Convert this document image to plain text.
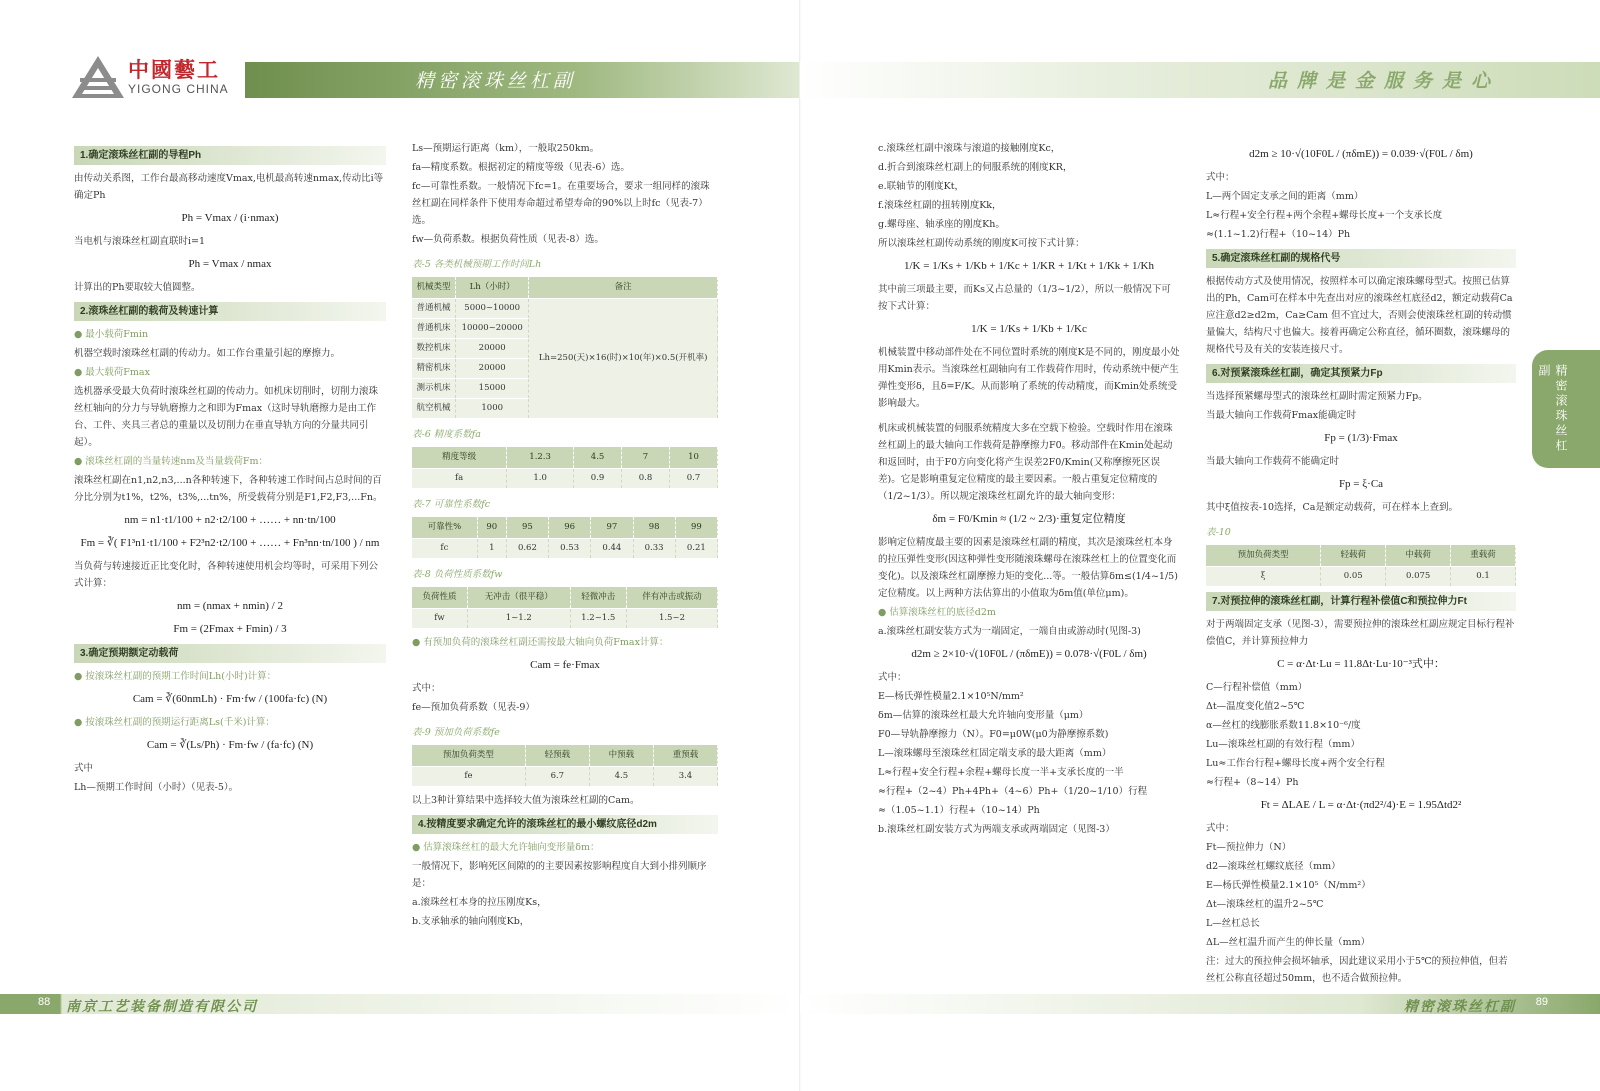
中國藝工
YIGONG CHINA	精密滚珠丝杠副
1.确定滚珠丝杠副的导程Ph

由传动关系图，工作台最高移动速度Vmax,电机最高转速nmax,传动比i等确定Ph

Ph = Vmax / (i·nmax)

当电机与滚珠丝杠副直联时i=1

Ph = Vmax / nmax

计算出的Ph要取较大值圆整。

2.滚珠丝杠副的载荷及转速计算

● 最小载荷Fmin

机器空载时滚珠丝杠副的传动力。如工作台重量引起的摩擦力。

● 最大载荷Fmax

选机器承受最大负荷时滚珠丝杠副的传动力。如机床切削时，切削力滚珠丝杠轴向的分力与导轨磨擦力之和即为Fmax（这时导轨磨擦力是由工作台、工件、夹具三者总的重量以及切削力在垂直导轨方向的分量共同引起）。

● 滚珠丝杠副的当量转速nm及当量载荷Fm：

滚珠丝杠副在n1,n2,n3,...n各种转速下，各种转速工作时间占总时间的百分比分别为t1%，t2%，t3%,...tn%，所受载荷分别是F1,F2,F3,...Fn。

nm = n1·t1/100 + n2·t2/100 + …… + nn·tn/100
Fm = ∛( F1³n1·t1/100 + F2³n2·t2/100 + …… + Fn³nn·tn/100 ) / nm

当负荷与转速接近正比变化时，各种转速使用机会均等时，可采用下列公式计算：

nm = (nmax + nmin) / 2
Fm = (2Fmax + Fmin) / 3
3.确定预期额定动载荷

● 按滚珠丝杠副的预期工作时间Lh(小时)计算：

Cam = ∛(60nmLh) · Fm·fw / (100fa·fc) (N)

● 按滚珠丝杠副的预期运行距离Ls(千米)计算：

Cam = ∛(Ls/Ph) · Fm·fw / (fa·fc) (N)

式中

Lh—预期工作时间（小时）（见表-5）。

Ls—预期运行距离（km），一般取250km。

fa—精度系数。根据初定的精度等级（见表-6）选。

fc—可靠性系数。一般情况下fc=1。在重要场合，要求一组同样的滚珠丝杠副在同样条件下使用寿命超过希望寿命的90%以上时fc（见表-7）选。

fw—负荷系数。根据负荷性质（见表-8）选。

表-5 各类机械预期工作时间Lh
机械类型	Lh（小时）	备注
普通机械	5000~10000	Lh=250(天)×16(时)×10(年)×0.5(开机率)
普通机床	10000~20000	
数控机床	20000	
精密机床	20000	
测示机床	15000	
航空机械	1000	
表-6 精度系数fa
精度等级	1.2.3	4.5	7	10
fa	1.0	0.9	0.8	0.7
表-7 可靠性系数fc
可靠性%	90	95	96	97	98	99
fc	1	0.62	0.53	0.44	0.33	0.21
表-8 负荷性质系数fw
负荷性质	无冲击（很平稳）	轻微冲击	伴有冲击或振动
fw	1~1.2	1.2~1.5	1.5~2

● 有预加负荷的滚珠丝杠副还需按最大轴向负荷Fmax计算：

Cam = fe·Fmax

式中：

fe—预加负荷系数（见表-9）

表-9 预加负荷系数fe
预加负荷类型	轻预载	中预载	重预载
fe	6.7	4.5	3.4

以上3种计算结果中选择较大值为滚珠丝杠副的Cam。

4.按精度要求确定允许的滚珠丝杠的最小螺纹底径d2m

● 估算滚珠丝杠的最大允许轴向变形量δm：

一般情况下，影响死区间隙的的主要因素按影响程度自大到小排列顺序是：

a.滚珠丝杠本身的拉压刚度Ks，

b.支承轴承的轴向刚度Kb，

88 南京工艺装备制造有限公司
品牌是金服务是心

c.滚珠丝杠副中滚珠与滚道的接触刚度Kc，

d.折合到滚珠丝杠副上的伺服系统的刚度KR，

e.联轴节的刚度Kt，

f.滚珠丝杠副的扭转刚度Kk，

g.螺母座、轴承座的刚度Kh。

所以滚珠丝杠副传动系统的刚度K可按下式计算：

1/K = 1/Ks + 1/Kb + 1/Kc + 1/KR + 1/Kt + 1/Kk + 1/Kh

其中前三项最主要，而Ks又占总量的（1/3~1/2），所以一般情况下可按下式计算：

1/K = 1/Ks + 1/Kb + 1/Kc

机械装置中移动部件处在不同位置时系统的刚度K是不同的，刚度最小处用Kmin表示。当滚珠丝杠副轴向有工作载荷作用时，传动系统中便产生弹性变形δ，且δ=F/K。从而影响了系统的传动精度，而Kmin处系统受影响最大。

机床或机械装置的伺服系统精度大多在空载下检验。空载时作用在滚珠丝杠副上的最大轴向工作载荷是静摩擦力F0。移动部件在Kmin处起动和返回时，由于F0方向变化将产生误差2F0/Kmin(又称摩擦死区误差)。它是影响重复定位精度的最主要因素。一般占重复定位精度的（1/2~1/3）。所以规定滚珠丝杠副允许的最大轴向变形：

δm = F0/Kmin ≈ (1/2 ~ 2/3)·重复定位精度

影响定位精度最主要的因素是滚珠丝杠副的精度，其次是滚珠丝杠本身的拉压弹性变形(因这种弹性变形随滚珠螺母在滚珠丝杠上的位置变化而变化)。以及滚珠丝杠副摩擦力矩的变化...等。一般估算δm≤(1/4~1/5)定位精度。以上两种方法估算出的小值取为δm值(单位μm)。

● 估算滚珠丝杠的底径d2m

a.滚珠丝杠副安装方式为一端固定，一端自由或游动时(见图-3)

d2m ≥ 2×10·√(10F0L / (πδmE)) = 0.078·√(F0L / δm)

式中：

E—杨氏弹性模量2.1×10⁵N/mm²

δm—估算的滚珠丝杠最大允许轴向变形量（μm）

F0—导轨静摩擦力（N）。F0=μ0W(μ0为静摩擦系数)

L—滚珠螺母至滚珠丝杠固定端支承的最大距离（mm）

L≈行程+安全行程+余程+螺母长度一半+支承长度的一半

≈行程+（2~4）Ph+4Ph+（4~6）Ph+（1/20~1/10）行程

≈（1.05~1.1）行程+（10~14）Ph

b.滚珠丝杠副安装方式为两端支承或两端固定（见图-3）

d2m ≥ 10·√(10F0L / (πδmE)) = 0.039·√(F0L / δm)

式中：

L—两个固定支承之间的距离（mm）

L≈行程+安全行程+两个余程+螺母长度+一个支承长度

≈(1.1~1.2)行程+（10~14）Ph

5.确定滚珠丝杠副的规格代号

根据传动方式及使用情况，按照样本可以确定滚珠螺母型式。按照已估算出的Ph，Cam可在样本中先查出对应的滚珠丝杠底径d2，额定动载荷Ca应注意d2≥d2m，Ca≥Cam 但不宜过大，否则会使滚珠丝杠副的转动惯量偏大，结构尺寸也偏大。接着再确定公称直径，循环圈数，滚珠螺母的规格代号及有关的安装连接尺寸。

6.对预紧滚珠丝杠副，确定其预紧力Fp

当选择预紧螺母型式的滚珠丝杠副时需定预紧力Fp。

当最大轴向工作载荷Fmax能确定时

Fp = (1/3)·Fmax

当最大轴向工作载荷不能确定时

Fp = ξ·Ca

其中ξ值按表-10选择，Ca是额定动载荷，可在样本上查到。

表-10
预加负荷类型	轻载荷	中载荷	重载荷
ξ	0.05	0.075	0.1
7.对预拉伸的滚珠丝杠副，计算行程补偿值C和预拉伸力Ft

对于两端固定支承（见图-3），需要预拉伸的滚珠丝杠副应规定目标行程补偿值C，并计算预拉伸力

C = α·Δt·Lu = 11.8Δt·Lu·10⁻³式中：

C—行程补偿值（mm）

Δt—温度变化值2~5℃

α—丝杠的线膨胀系数11.8×10⁻⁶/度

Lu—滚珠丝杠副的有效行程（mm）

Lu≈工作台行程+螺母长度+两个安全行程

≈行程+（8~14）Ph

Ft = ΔLAE / L = α·Δt·(πd2²/4)·E = 1.95Δtd2²

式中：

Ft—预拉伸力（N）

d2—滚珠丝杠螺纹底径（mm）

E—杨氏弹性模量2.1×10⁵（N/mm²）

Δt—滚珠丝杠的温升2~5℃

L—丝杠总长

ΔL—丝杠温升而产生的伸长量（mm）

注：过大的预拉伸会损坏轴承，因此建议采用小于5℃的预拉伸值，但若丝杠公称直径超过50mm，也不适合做预拉伸。

精密滚珠丝杠副
精密滚珠丝杠副 89
